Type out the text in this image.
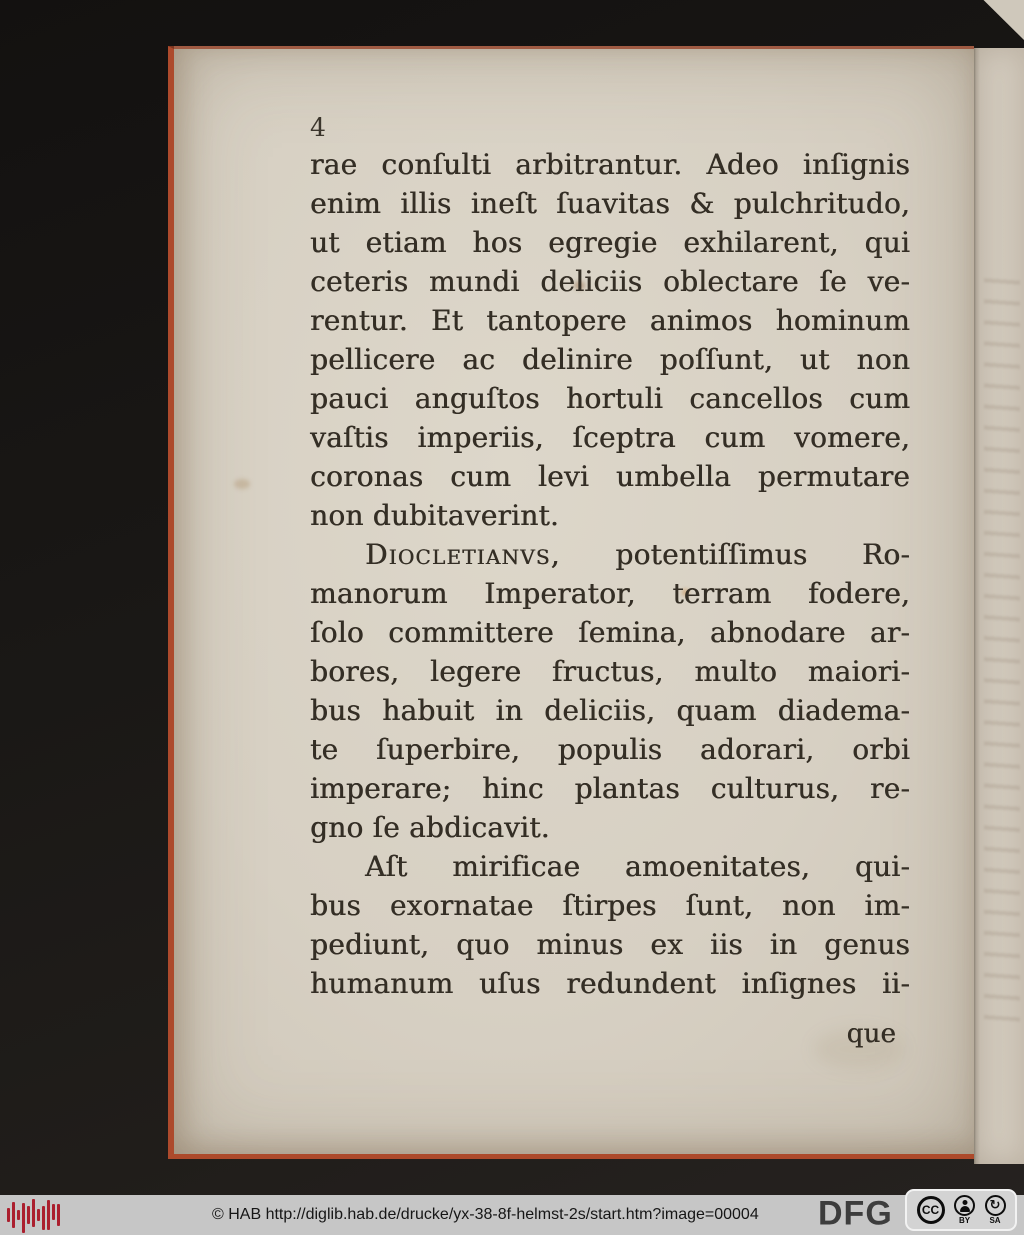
4
rae conſulti arbitrantur. Adeo inſignis
enim illis ineſt ſuavitas & pulchritudo,
ut etiam hos egregie exhilarent, qui
ceteris mundi deliciis oblectare ſe ve-
rentur. Et tantopere animos hominum
pellicere ac delinire poſſunt, ut non
pauci anguſtos hortuli cancellos cum
vaſtis imperiis, ſceptra cum vomere,
coronas cum levi umbella permutare
non dubitaverint.
Diocletianvs, potentiſſimus Ro-
manorum Imperator, terram fodere,
ſolo committere ſemina, abnodare ar-
bores, legere fructus, multo maiori-
bus habuit in deliciis, quam diadema-
te ſuperbire, populis adorari, orbi
imperare; hinc plantas culturus, re-
gno ſe abdicavit.
Aſt mirificae amoenitates, qui-
bus exornatae ſtirpes ſunt, non im-
pediunt, quo minus ex iis in genus
humanum uſus redundent inſignes ii-
que
© HAB http://diglib.hab.de/drucke/yx-38-8f-helmst-2s/start.htm?image=00004 DFG	CC
BY
↻
SA
